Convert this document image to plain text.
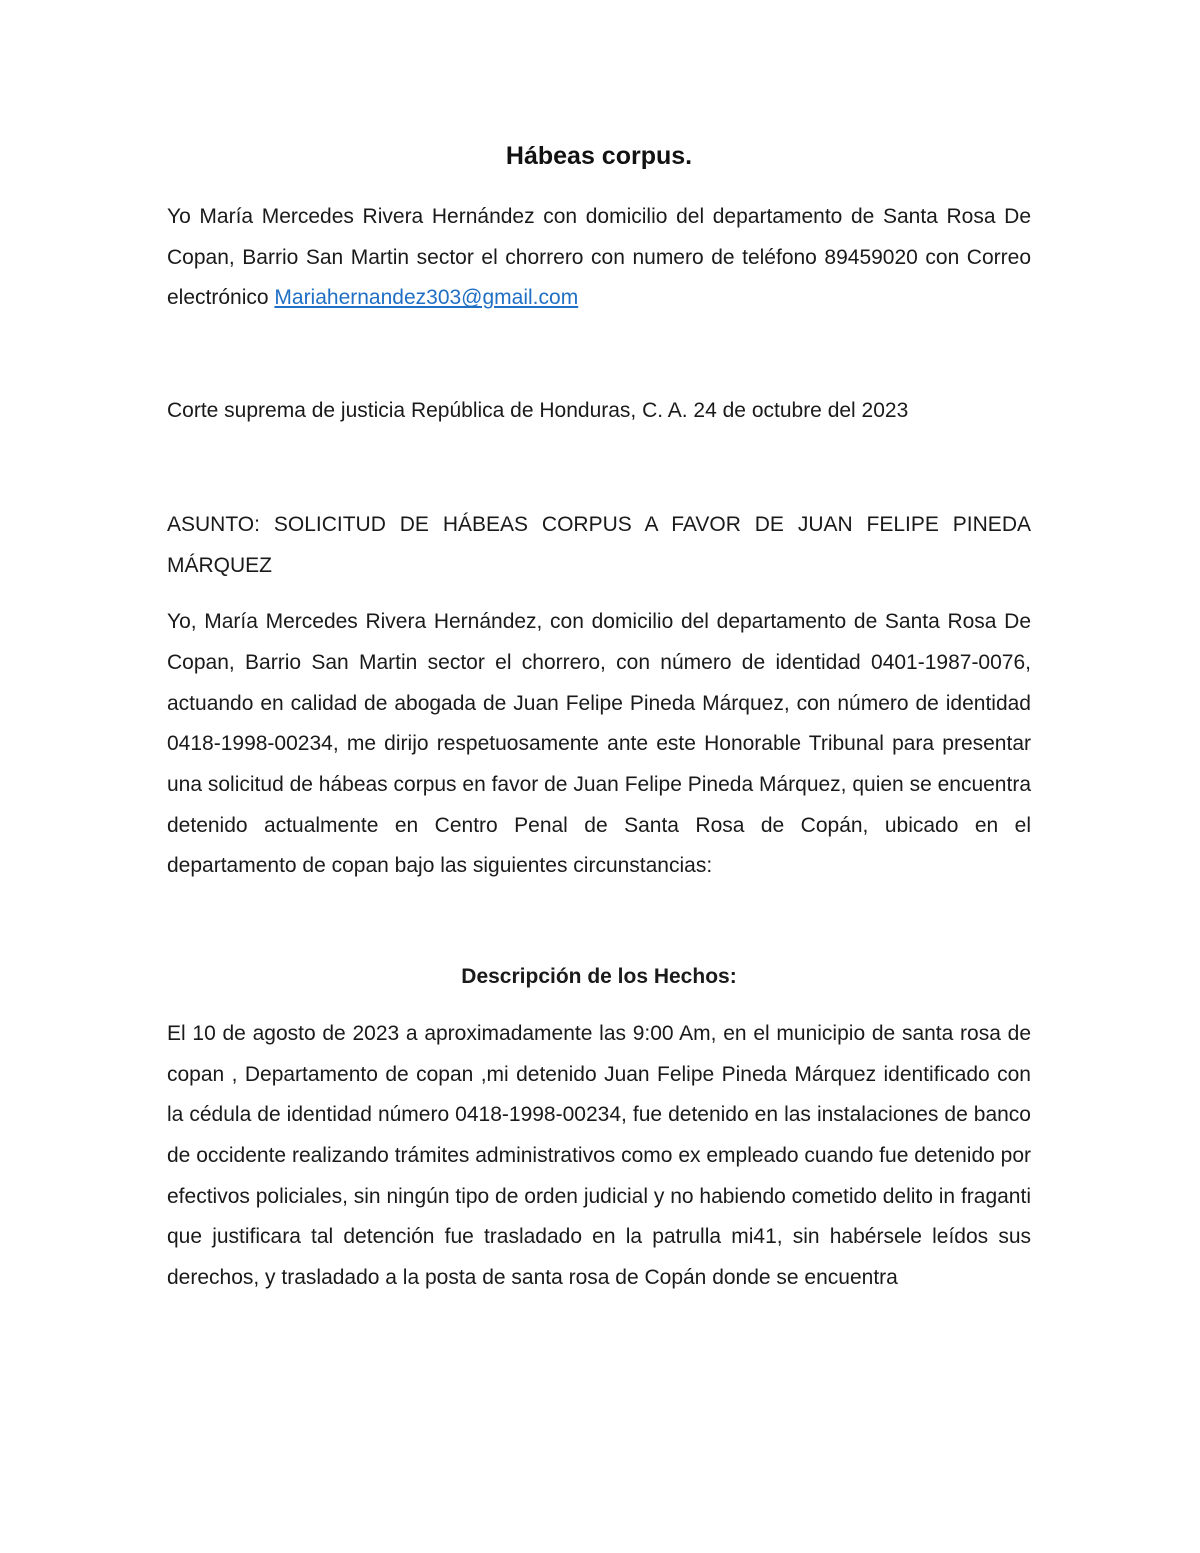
Hábeas corpus.

Yo María Mercedes Rivera Hernández con domicilio del departamento de Santa Rosa De Copan, Barrio San Martin sector el chorrero con numero de teléfono 89459020 con Correo electrónico Mariahernandez303@gmail.com

Corte suprema de justicia República de Honduras, C. A. 24 de octubre del 2023

ASUNTO: SOLICITUD DE HÁBEAS CORPUS A FAVOR DE JUAN FELIPE PINEDA MÁRQUEZ

Yo, María Mercedes Rivera Hernández, con domicilio del departamento de Santa Rosa De Copan, Barrio San Martin sector el chorrero, con número de identidad 0401-1987-0076, actuando en calidad de abogada de Juan Felipe Pineda Márquez, con número de identidad 0418-1998-00234, me dirijo respetuosamente ante este Honorable Tribunal para presentar una solicitud de hábeas corpus en favor de Juan Felipe Pineda Márquez, quien se encuentra detenido actualmente en Centro Penal de Santa Rosa de Copán, ubicado en el departamento de copan bajo las siguientes circunstancias:

Descripción de los Hechos:

El 10 de agosto de 2023 a aproximadamente las 9:00 Am, en el municipio de santa rosa de copan , Departamento de copan ,mi detenido Juan Felipe Pineda Márquez identificado con la cédula de identidad número 0418-1998-00234, fue detenido en las instalaciones de banco de occidente realizando trámites administrativos como ex empleado cuando fue detenido por efectivos policiales, sin ningún tipo de orden judicial y no habiendo cometido delito in fraganti que justificara tal detención fue trasladado en la patrulla mi41, sin habérsele leídos sus derechos, y trasladado a la posta de santa rosa de Copán donde se encuentra
